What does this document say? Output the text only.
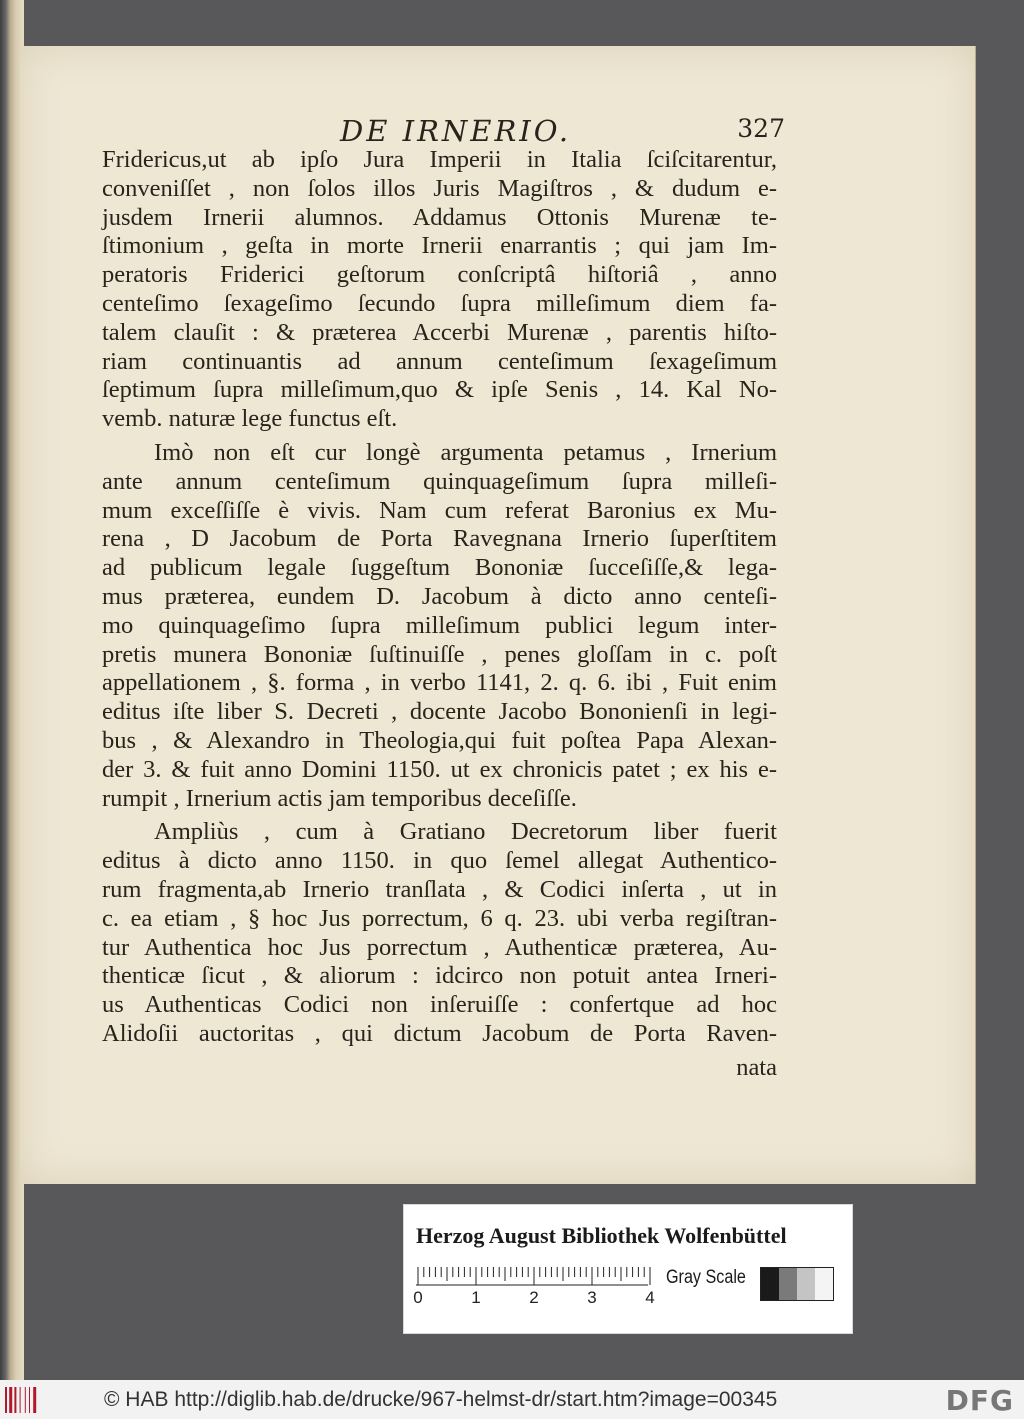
DE IRNERIO.	327
Fridericus,ut ab ipſo Jura Imperii in Italia ſciſcitarentur,
conveniſſet , non ſolos illos Juris Magiſtros , & dudum e-
jusdem Irnerii alumnos. Addamus Ottonis Murenæ te-
ſtimonium , geſta in morte Irnerii enarrantis ; qui jam Im-
peratoris Friderici geſtorum conſcriptâ hiſtoriâ , anno
centeſimo ſexageſimo ſecundo ſupra milleſimum diem fa-
talem clauſit : & præterea Accerbi Murenæ , parentis hiſto-
riam continuantis ad annum centeſimum ſexageſimum
ſeptimum ſupra milleſimum,quo & ipſe Senis , 14. Kal No-
vemb. naturæ lege functus eſt.
Imò non eſt cur longè argumenta petamus , Irnerium
ante annum centeſimum quinquageſimum ſupra milleſi-
mum exceſſiſſe è vivis. Nam cum referat Baronius ex Mu-
rena , D Jacobum de Porta Ravegnana Irnerio ſuperſtitem
ad publicum legale ſuggeſtum Bononiæ ſucceſiſſe,& lega-
mus præterea, eundem D. Jacobum à dicto anno centeſi-
mo quinquageſimo ſupra milleſimum publici legum inter-
pretis munera Bononiæ ſuſtinuiſſe , penes gloſſam in c. poſt
appellationem , §. forma , in verbo 1141, 2. q. 6. ibi , Fuit enim
editus iſte liber S. Decreti , docente Jacobo Bononienſi in legi-
bus , & Alexandro in Theologia,qui fuit poſtea Papa Alexan-
der 3. & fuit anno Domini 1150. ut ex chronicis patet ; ex his e-
rumpit , Irnerium actis jam temporibus deceſiſſe.
Ampliùs , cum à Gratiano Decretorum liber fuerit
editus à dicto anno 1150. in quo ſemel allegat Authentico-
rum fragmenta,ab Irnerio tranſlata , & Codici inſerta , ut in
c. ea etiam , § hoc Jus porrectum, 6 q. 23. ubi verba regiſtran-
tur Authentica hoc Jus porrectum , Authenticæ præterea, Au-
thenticæ ſicut , & aliorum : idcirco non potuit antea Irneri-
us Authenticas Codici non inſeruiſſe : confertque ad hoc
Alidoſii auctoritas , qui dictum Jacobum de Porta Raven-
nata
Herzog August Bibliothek Wolfenbüttel
0	1	2	3	4
Gray Scale
© HAB http://diglib.hab.de/drucke/967-helmst-dr/start.htm?image=00345	DFG
